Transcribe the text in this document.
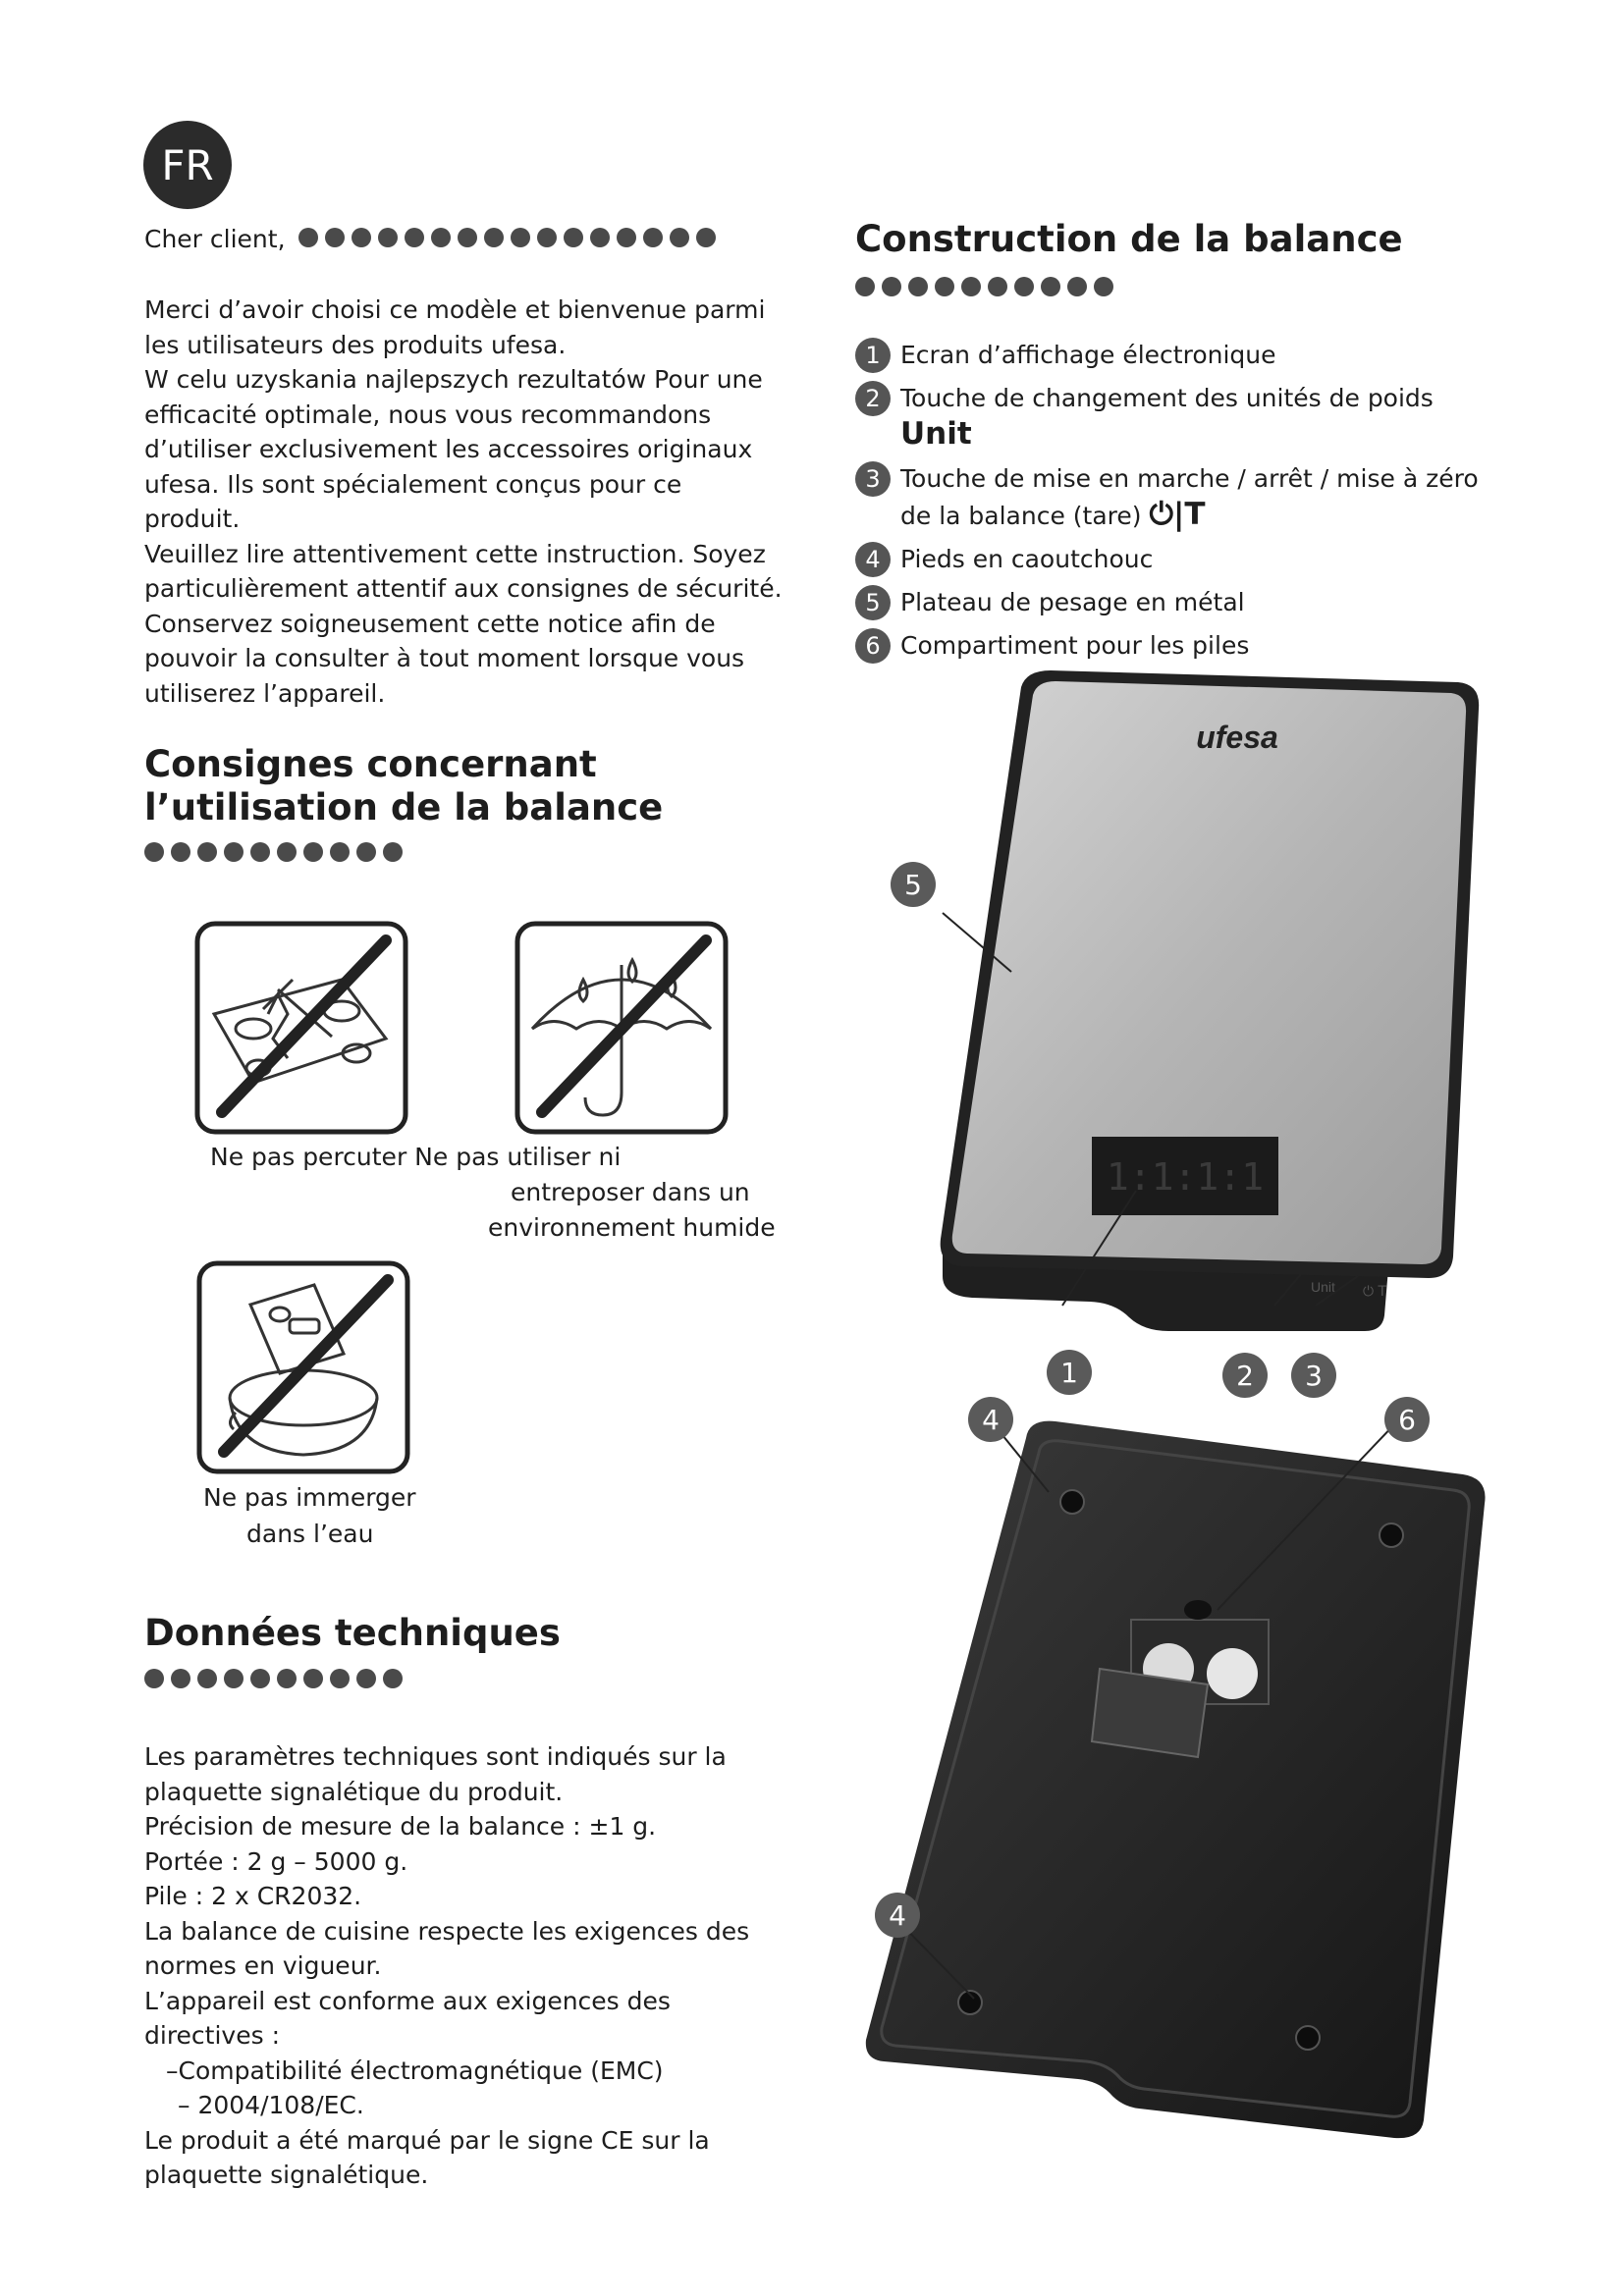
FR
Cher client,

Merci d’avoir choisi ce modèle et bienvenue parmi les utilisateurs des produits ufesa.

W celu uzyskania najlepszych rezultatów Pour une efficacité optimale, nous vous recommandons d’utiliser exclusivement les accessoires originaux ufesa. Ils sont spécialement conçus pour ce produit.

Veuillez lire attentivement cette instruction. Soyez particulièrement attentif aux consignes de sécurité.

Conservez soigneusement cette notice afin de pouvoir la consulter à tout moment lorsque vous utiliserez l’appareil.

Consignes concernant l’utilisation de la balance
Ne pas percuter Ne pas utiliser ni
entreposer dans un
environnement humide
Ne pas immerger
dans l’eau
Données techniques

Les paramètres techniques sont indiqués sur la plaquette signalétique du produit.

Précision de mesure de la balance : ±1 g.

Portée : 2 g – 5000 g.

Pile : 2 x CR2032.

La balance de cuisine respecte les exigences des normes en vigueur.

L’appareil est conforme aux exigences des directives :

–Compatibilité électromagnétique (EMC)

– 2004/108/EC.

Le produit a été marqué par le signe CE sur la plaquette signalétique.

Construction de la balance
1 Ecran d’affichage électronique
2 Touche de changement des unités de poids Unit
3 Touche de mise en marche / arrêt / mise à zéro de la balance (tare) ⏻|T
4 Pieds en caoutchouc
5 Plateau de pesage en métal
6 Compartiment pour les piles
ufesa
1:1:1:1
Unit ⏻ T
5
1	2	3
4	6
4
